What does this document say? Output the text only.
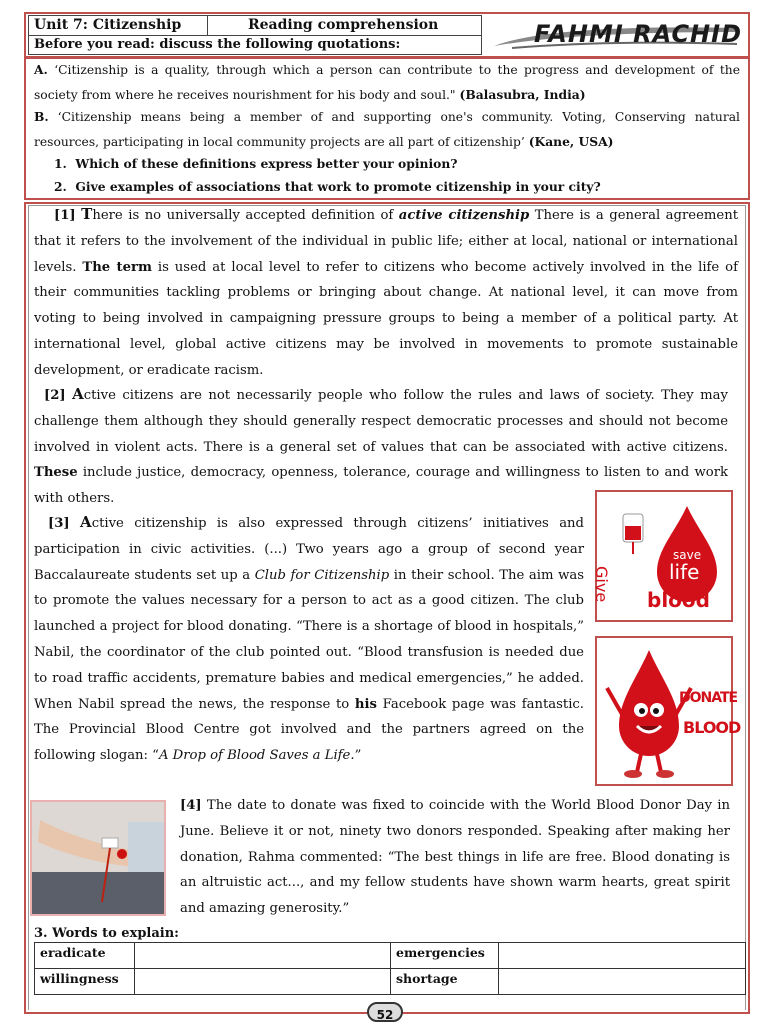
Unit 7: Citizenship	Reading comprehension
Before you read: discuss the following quotations:	FAHMI RACHID
A. ‘Citizenship is a quality, through which a person can contribute to the progress and development of the society from where he receives nourishment for his body and soul." (Balasubra, India)
B. ‘Citizenship means being a member of and supporting one's community. Voting, Conserving natural resources, participating in local community projects are all part of citizenship’ (Kane, USA)
1. Which of these definitions express better your opinion?
2. Give examples of associations that work to promote citizenship in your city?
[1] There is no universally accepted definition of active citizenship There is a general agreement that it refers to the involvement of the individual in public life; either at local, national or international levels. The term is used at local level to refer to citizens who become actively involved in the life of their communities tackling problems or bringing about change. At national level, it can move from voting to being involved in campaigning pressure groups to being a member of a political party. At international level, global active citizens may be involved in movements to promote sustainable development, or eradicate racism.
[2] Active citizens are not necessarily people who follow the rules and laws of society. They may challenge them although they should generally respect democratic processes and should not become involved in violent acts. There is a general set of values that can be associated with active citizens. These include justice, democracy, openness, tolerance, courage and willingness to listen to and work with others.
[3] Active citizenship is also expressed through citizens’ initiatives and participation in civic activities. (...) Two years ago a group of second year Baccalaureate students set up a Club for Citizenship in their school. The aim was to promote the values necessary for a person to act as a good citizen. The club launched a project for blood donating. “There is a shortage of blood in hospitals,” Nabil, the coordinator of the club pointed out. “Blood transfusion is needed due to road traffic accidents, premature babies and medical emergencies,” he added. When Nabil spread the news, the response to his Facebook page was fantastic. The Provincial Blood Centre got involved and the partners agreed on the following slogan: “A Drop of Blood Saves a Life.”
save
life
Give blood
DONATE
BLOOD
[4] The date to donate was fixed to coincide with the World Blood Donor Day in June. Believe it or not, ninety two donors responded. Speaking after making her donation, Rahma commented: “The best things in life are free. Blood donating is an altruistic act..., and my fellow students have shown warm hearts, great spirit and amazing generosity.”
3. Words to explain:
eradicate		emergencies	
willingness		shortage	
52
